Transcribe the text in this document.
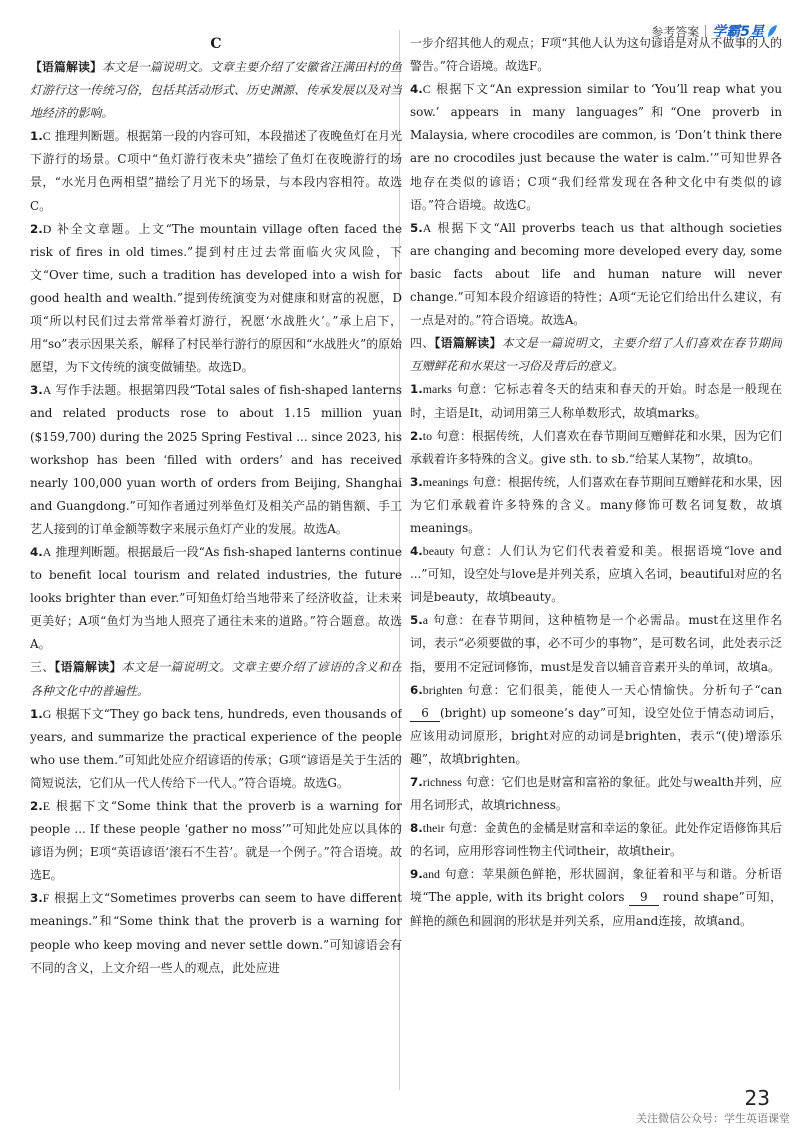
参考答案 学霸5星
C

【语篇解读】本文是一篇说明文。文章主要介绍了安徽省汪满田村的鱼灯游行这一传统习俗，包括其活动形式、历史渊源、传承发展以及对当地经济的影响。

1.C 推理判断题。根据第一段的内容可知，本段描述了夜晚鱼灯在月光下游行的场景。C项中“鱼灯游行夜未央”描绘了鱼灯在夜晚游行的场景，“水光月色两相望”描绘了月光下的场景，与本段内容相符。故选C。

2.D 补全文章题。上文“The mountain village often faced the risk of fires in old times.”提到村庄过去常面临火灾风险，下文“Over time, such a tradition has developed into a wish for good health and wealth.”提到传统演变为对健康和财富的祝愿，D项“所以村民们过去常常举着灯游行，祝愿‘水战胜火’。”承上启下，用“so”表示因果关系，解释了村民举行游行的原因和“水战胜火”的原始愿望，为下文传统的演变做铺垫。故选D。

3.A 写作手法题。根据第四段“Total sales of fish-shaped lanterns and related products rose to about 1.15 million yuan ($159,700) during the 2025 Spring Festival ... since 2023, his workshop has been ‘filled with orders’ and has received nearly 100,000 yuan worth of orders from Beijing, Shanghai and Guangdong.”可知作者通过列举鱼灯及相关产品的销售额、手工艺人接到的订单金额等数字来展示鱼灯产业的发展。故选A。

4.A 推理判断题。根据最后一段“As fish-shaped lanterns continue to benefit local tourism and related industries, the future looks brighter than ever.”可知鱼灯给当地带来了经济收益，让未来更美好；A项“鱼灯为当地人照亮了通往未来的道路。”符合题意。故选A。

三、【语篇解读】本文是一篇说明文。文章主要介绍了谚语的含义和在各种文化中的普遍性。

1.G 根据下文“They go back tens, hundreds, even thousands of years, and summarize the practical experience of the people who use them.”可知此处应介绍谚语的传承；G项“谚语是关于生活的简短说法，它们从一代人传给下一代人。”符合语境。故选G。

2.E 根据下文“Some think that the proverb is a warning for people ... If these people ‘gather no moss’”可知此处应以具体的谚语为例；E项“英语谚语‘滚石不生苔’。就是一个例子。”符合语境。故选E。

3.F 根据上文“Sometimes proverbs can seem to have different meanings.”和“Some think that the proverb is a warning for people who keep moving and never settle down.”可知谚语会有不同的含义，上文介绍一些人的观点，此处应进

一步介绍其他人的观点；F项“其他人认为这句谚语是对从不做事的人的警告。”符合语境。故选F。

4.C 根据下文“An expression similar to ‘You’ll reap what you sow.’ appears in many languages”和“One proverb in Malaysia, where crocodiles are common, is ‘Don’t think there are no crocodiles just because the water is calm.’”可知世界各地存在类似的谚语；C项“我们经常发现在各种文化中有类似的谚语。”符合语境。故选C。

5.A 根据下文“All proverbs teach us that although societies are changing and becoming more developed every day, some basic facts about life and human nature will never change.”可知本段介绍谚语的特性；A项“无论它们给出什么建议，有一点是对的。”符合语境。故选A。

四、【语篇解读】本文是一篇说明文，主要介绍了人们喜欢在春节期间互赠鲜花和水果这一习俗及背后的意义。

1.marks 句意：它标志着冬天的结束和春天的开始。时态是一般现在时，主语是It，动词用第三人称单数形式，故填marks。

2.to 句意：根据传统，人们喜欢在春节期间互赠鲜花和水果，因为它们承载着许多特殊的含义。give sth. to sb.“给某人某物”，故填to。

3.meanings 句意：根据传统，人们喜欢在春节期间互赠鲜花和水果，因为它们承载着许多特殊的含义。many修饰可数名词复数，故填meanings。

4.beauty 句意：人们认为它们代表着爱和美。根据语境“love and ...”可知，设空处与love是并列关系，应填入名词，beautiful对应的名词是beauty，故填beauty。

5.a 句意：在春节期间，这种植物是一个必需品。must在这里作名词，表示“必须要做的事，必不可少的事物”，是可数名词，此处表示泛指，要用不定冠词修饰，must是发音以辅音音素开头的单词，故填a。

6.brighten 句意：它们很美，能使人一天心情愉快。分析句子“can 6 (bright) up someone’s day”可知，设空处位于情态动词后，应该用动词原形，bright对应的动词是brighten，表示“(使)增添乐趣”，故填brighten。

7.richness 句意：它们也是财富和富裕的象征。此处与wealth并列，应用名词形式，故填richness。

8.their 句意：金黄色的金橘是财富和幸运的象征。此处作定语修饰其后的名词，应用形容词性物主代词their，故填their。

9.and 句意：苹果颜色鲜艳，形状圆润，象征着和平与和谐。分析语境“The apple, with its bright colors 9 round shape”可知，鲜艳的颜色和圆润的形状是并列关系，应用and连接，故填and。

23
关注微信公众号：学生英语课堂
